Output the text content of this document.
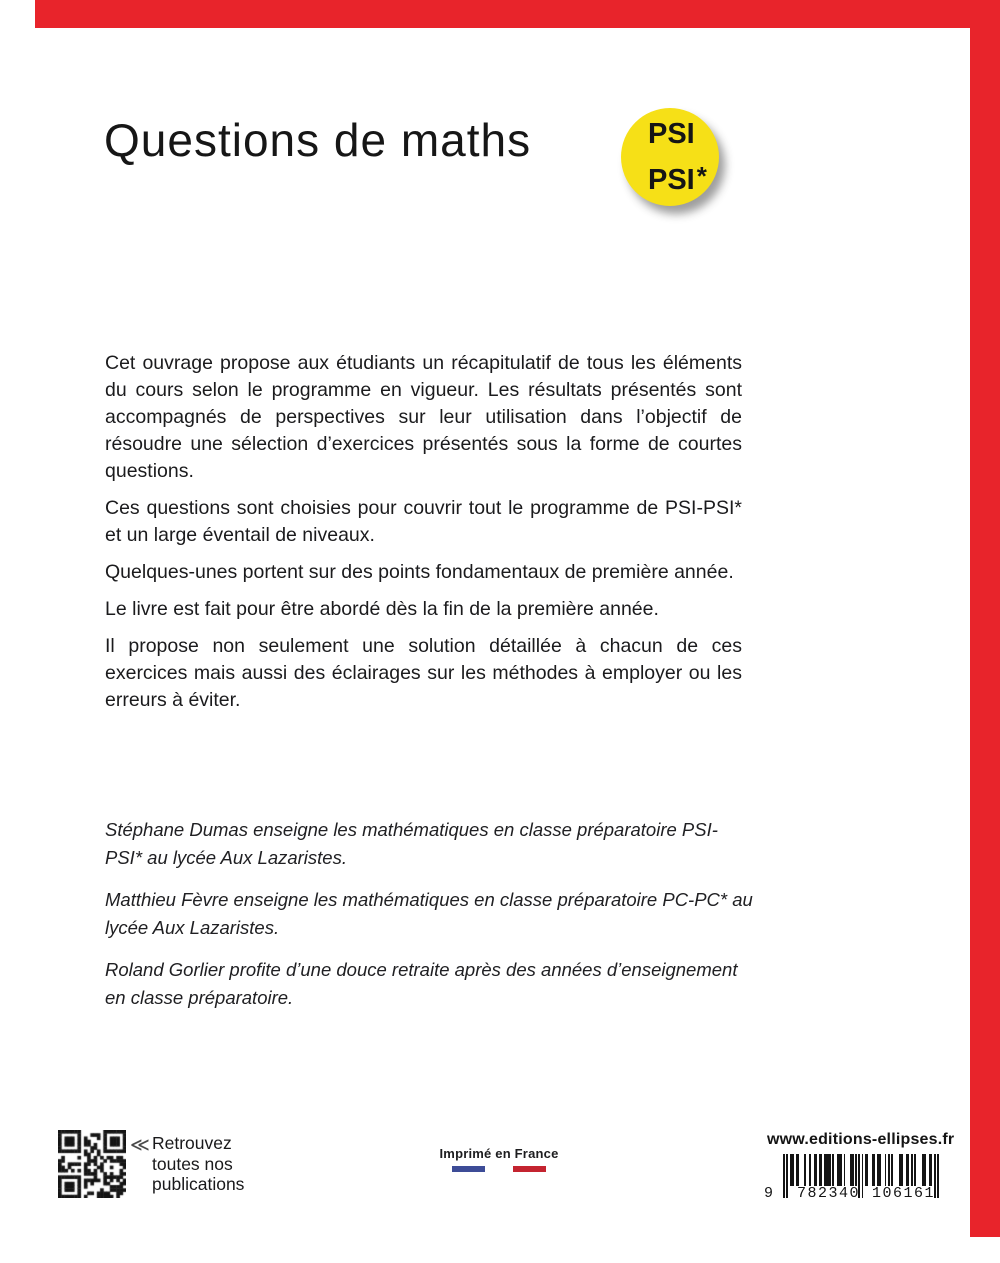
Questions de maths	PSI
PSI*

Cet ouvrage propose aux étudiants un récapitulatif de tous les éléments du cours selon le programme en vigueur. Les résultats présentés sont accompagnés de perspectives sur leur utilisation dans l’objectif de résoudre une sélection d’exercices présentés sous la forme de courtes questions.

Ces questions sont choisies pour couvrir tout le programme de PSI-PSI* et un large éventail de niveaux.

Quelques-unes portent sur des points fondamentaux de première année.

Le livre est fait pour être abordé dès la fin de la première année.

Il propose non seulement une solution détaillée à chacun de ces exercices mais aussi des éclairages sur les méthodes à employer ou les erreurs à éviter.

Stéphane Dumas enseigne les mathématiques en classe préparatoire PSI-PSI* au lycée Aux Lazaristes.

Matthieu Fèvre enseigne les mathématiques en classe préparatoire PC-PC* au lycée Aux Lazaristes.

Roland Gorlier profite d’une douce retraite après des années d’enseignement en classe préparatoire.

≪ Retrouvez
toutes nos
publications
Imprimé en France
www.editions-ellipses.fr
9 782340 106161
